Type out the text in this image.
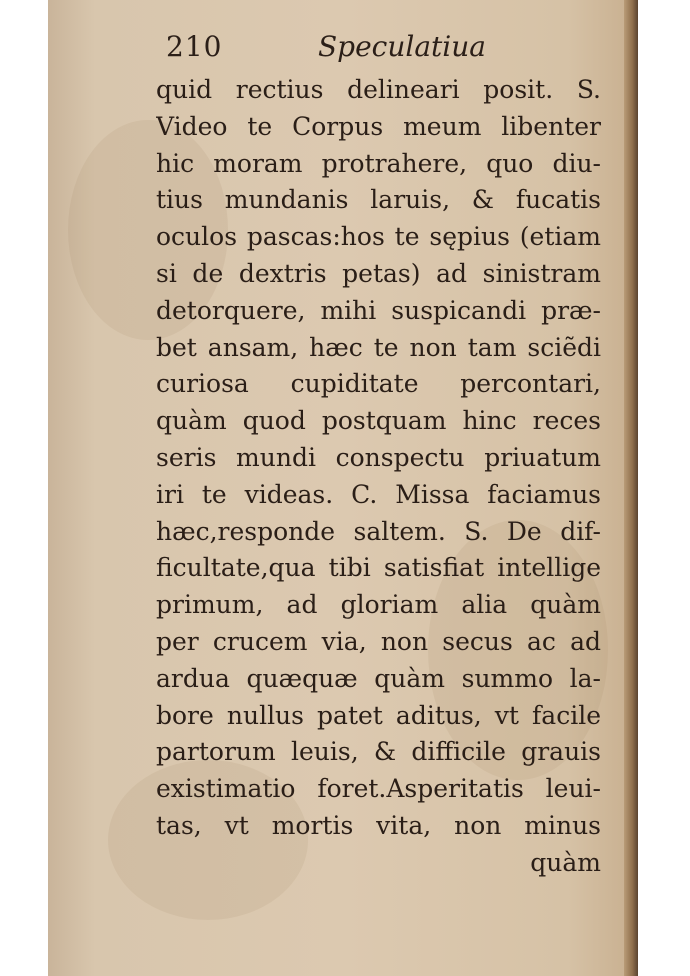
210	Speculatiua
quid rectius delineari posit. S.
Video te Corpus meum libenter
hic moram protrahere, quo diu-
tius mundanis laruis, & fucatis
oculos pascas:hos te sępius (etiam
si de dextris petas) ad sinistram
detorquere, mihi suspicandi præ-
bet ansam, hæc te non tam sciẽdi
curiosa cupiditate percontari,
quàm quod postquam hinc reces
seris mundi conspectu priuatum
iri te videas. C. Missa faciamus
hæc,responde saltem. S. De dif-
ficultate,qua tibi satisfiat intellige
primum, ad gloriam alia quàm
per crucem via, non secus ac ad
ardua quæquæ quàm summo la-
bore nullus patet aditus, vt facile
partorum leuis, & difficile grauis
existimatio foret.Asperitatis leui-
tas, vt mortis vita, non minus
quàm
